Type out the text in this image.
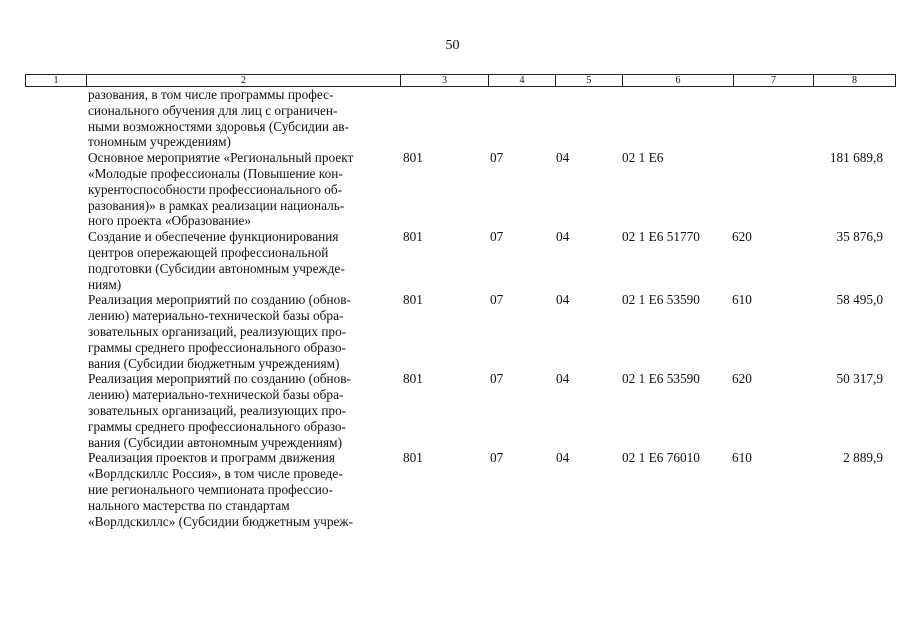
50
1	2	3	4	5	6	7	8

	разования, в том числе программы профес-
сионального обучения для лиц с ограничен-
ными возможностями здоровья (Субсидии ав-
тономным учреждениям)						

	Основное мероприятие «Региональный проект
«Молодые профессионалы (Повышение кон-
курентоспособности профессионального об-
разования)» в рамках реализации националь-
ного проекта «Образование»	801	07	04	02 1 Е6		181 689,8

	Создание и обеспечение функционирования
центров опережающей профессиональной
подготовки (Субсидии автономным учрежде-
ниям)	801	07	04	02 1 Е6 51770	620	35 876,9

	Реализация мероприятий по созданию (обнов-
лению) материально-технической базы обра-
зовательных организаций, реализующих про-
граммы среднего профессионального образо-
вания (Субсидии бюджетным учреждениям)	801	07	04	02 1 Е6 53590	610	58 495,0

	Реализация мероприятий по созданию (обнов-
лению) материально-технической базы обра-
зовательных организаций, реализующих про-
граммы среднего профессионального образо-
вания (Субсидии автономным учреждениям)	801	07	04	02 1 Е6 53590	620	50 317,9

	Реализация проектов и программ движения
«Ворлдскиллс Россия», в том числе проведе-
ние регионального чемпионата профессио-
нального мастерства по стандартам
«Ворлдскиллс» (Субсидии бюджетным учреж-	801	07	04	02 1 Е6 76010	610	2 889,9
